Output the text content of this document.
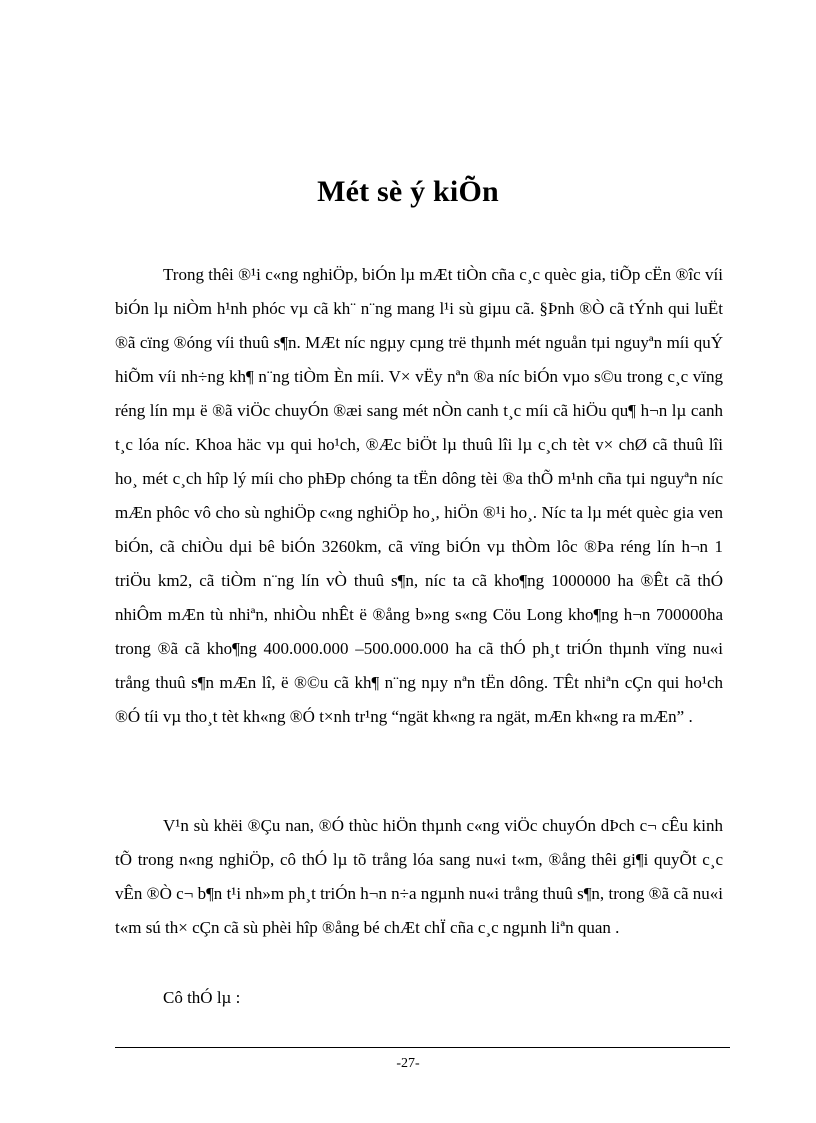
Mét sè ý kiÕn

Trong thêi ®¹i c«ng nghiÖp, biÓn lµ mÆt tiÒn cña c¸c quèc gia, tiÕp cËn ®îc víi biÓn lµ niÒm h¹nh phóc vµ cã kh¨ n¨ng mang l¹i sù giµu cã. §Þnh ®Ò cã tÝnh qui luËt ®ã cïng ®óng víi thuû s¶n. MÆt níc ngµy cµng trë thµnh mét nguån tµi nguyªn míi quÝ hiÕm víi nh÷ng kh¶ n¨ng tiÒm Èn míi. V× vËy nªn ®a níc biÓn vµo s©u trong c¸c vïng réng lín mµ ë ®ã viÖc chuyÓn ®æi sang mét nÒn canh t¸c míi cã hiÖu qu¶ h¬n lµ canh t¸c lóa níc. Khoa häc vµ qui ho¹ch, ®Æc biÖt lµ thuû lîi lµ c¸ch tèt v× chØ cã thuû lîi ho¸ mét c¸ch hîp lý míi cho phÐp chóng ta tËn dông tèi ®a thÕ m¹nh cña tµi nguyªn níc mÆn phôc vô cho sù nghiÖp c«ng nghiÖp ho¸, hiÖn ®¹i ho¸. Níc ta lµ mét quèc gia ven biÓn, cã chiÒu dµi bê biÓn 3260km, cã vïng biÓn vµ thÒm lôc ®Þa réng lín h¬n 1 triÖu km2, cã tiÒm n¨ng lín vÒ thuû s¶n, níc ta cã kho¶ng 1000000 ha ®Êt cã thÓ nhiÔm mÆn tù nhiªn, nhiÒu nhÊt ë ®ång b»ng s«ng Cöu Long kho¶ng h¬n 700000ha trong ®ã cã kho¶ng 400.000.000 –500.000.000 ha cã thÓ ph¸t triÓn thµnh vïng nu«i trång thuû s¶n mÆn lî, ë ®©u cã kh¶ n¨ng nµy nªn tËn dông. TÊt nhiªn cÇn qui ho¹ch ®Ó tíi vµ tho¸t tèt kh«ng ®Ó t×nh tr¹ng “ngät kh«ng ra ngät, mÆn kh«ng ra mÆn” .

V¹n sù khëi ®Çu nan, ®Ó thùc hiÖn thµnh c«ng viÖc chuyÓn dÞch c¬ cÊu kinh tÕ trong n«ng nghiÖp, cô thÓ lµ tõ trång lóa sang nu«i t«m, ®ång thêi gi¶i quyÕt c¸c vÊn ®Ò c¬ b¶n t¹i nh»m ph¸t triÓn h¬n n÷a ngµnh nu«i trång thuû s¶n, trong ®ã cã nu«i t«m sú th× cÇn cã sù phèi hîp ®ång bé chÆt chÏ cña c¸c ngµnh liªn quan .

Cô thÓ lµ :

-27-
